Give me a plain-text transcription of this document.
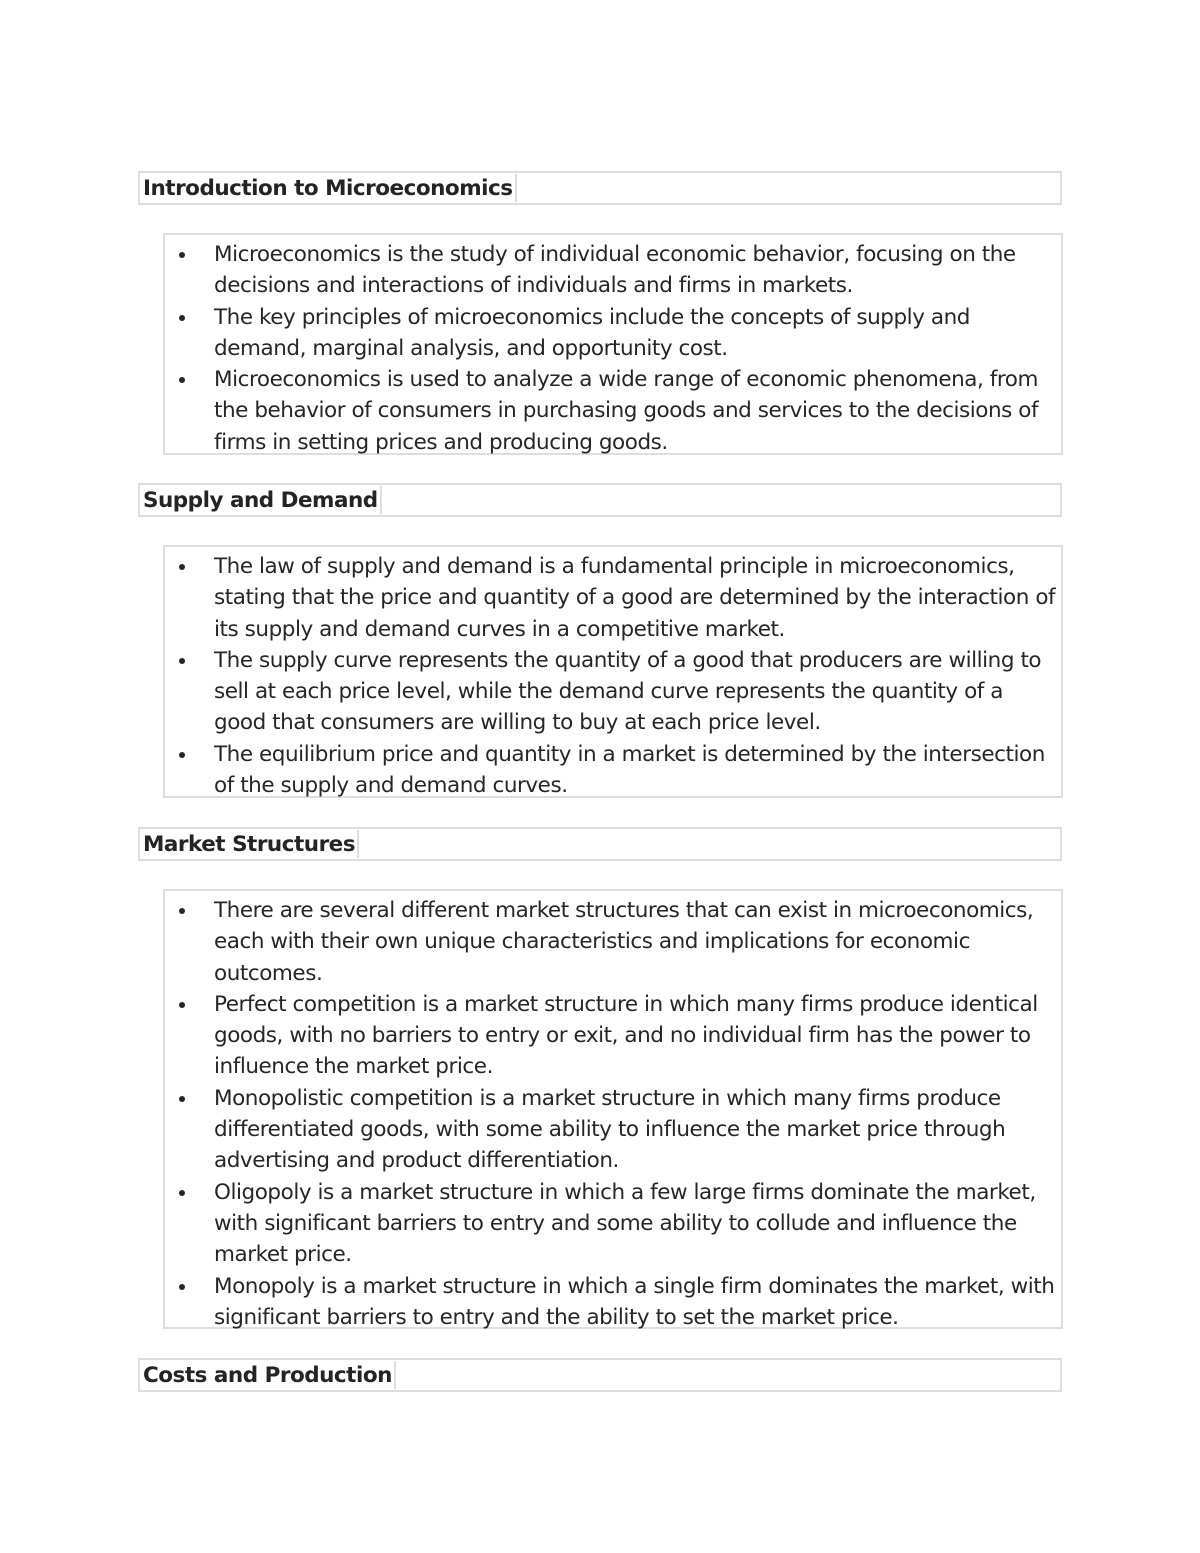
Introduction to Microeconomics
Microeconomics is the study of individual economic behavior, focusing on the decisions and interactions of individuals and firms in markets.
The key principles of microeconomics include the concepts of supply and demand, marginal analysis, and opportunity cost.
Microeconomics is used to analyze a wide range of economic phenomena, from the behavior of consumers in purchasing goods and services to the decisions of firms in setting prices and producing goods.
Supply and Demand
The law of supply and demand is a fundamental principle in microeconomics, stating that the price and quantity of a good are determined by the interaction of its supply and demand curves in a competitive market.
The supply curve represents the quantity of a good that producers are willing to sell at each price level, while the demand curve represents the quantity of a good that consumers are willing to buy at each price level.
The equilibrium price and quantity in a market is determined by the intersection of the supply and demand curves.
Market Structures
There are several different market structures that can exist in microeconomics, each with their own unique characteristics and implications for economic outcomes.
Perfect competition is a market structure in which many firms produce identical goods, with no barriers to entry or exit, and no individual firm has the power to influence the market price.
Monopolistic competition is a market structure in which many firms produce differentiated goods, with some ability to influence the market price through advertising and product differentiation.
Oligopoly is a market structure in which a few large firms dominate the market, with significant barriers to entry and some ability to collude and influence the market price.
Monopoly is a market structure in which a single firm dominates the market, with significant barriers to entry and the ability to set the market price.
Costs and Production
